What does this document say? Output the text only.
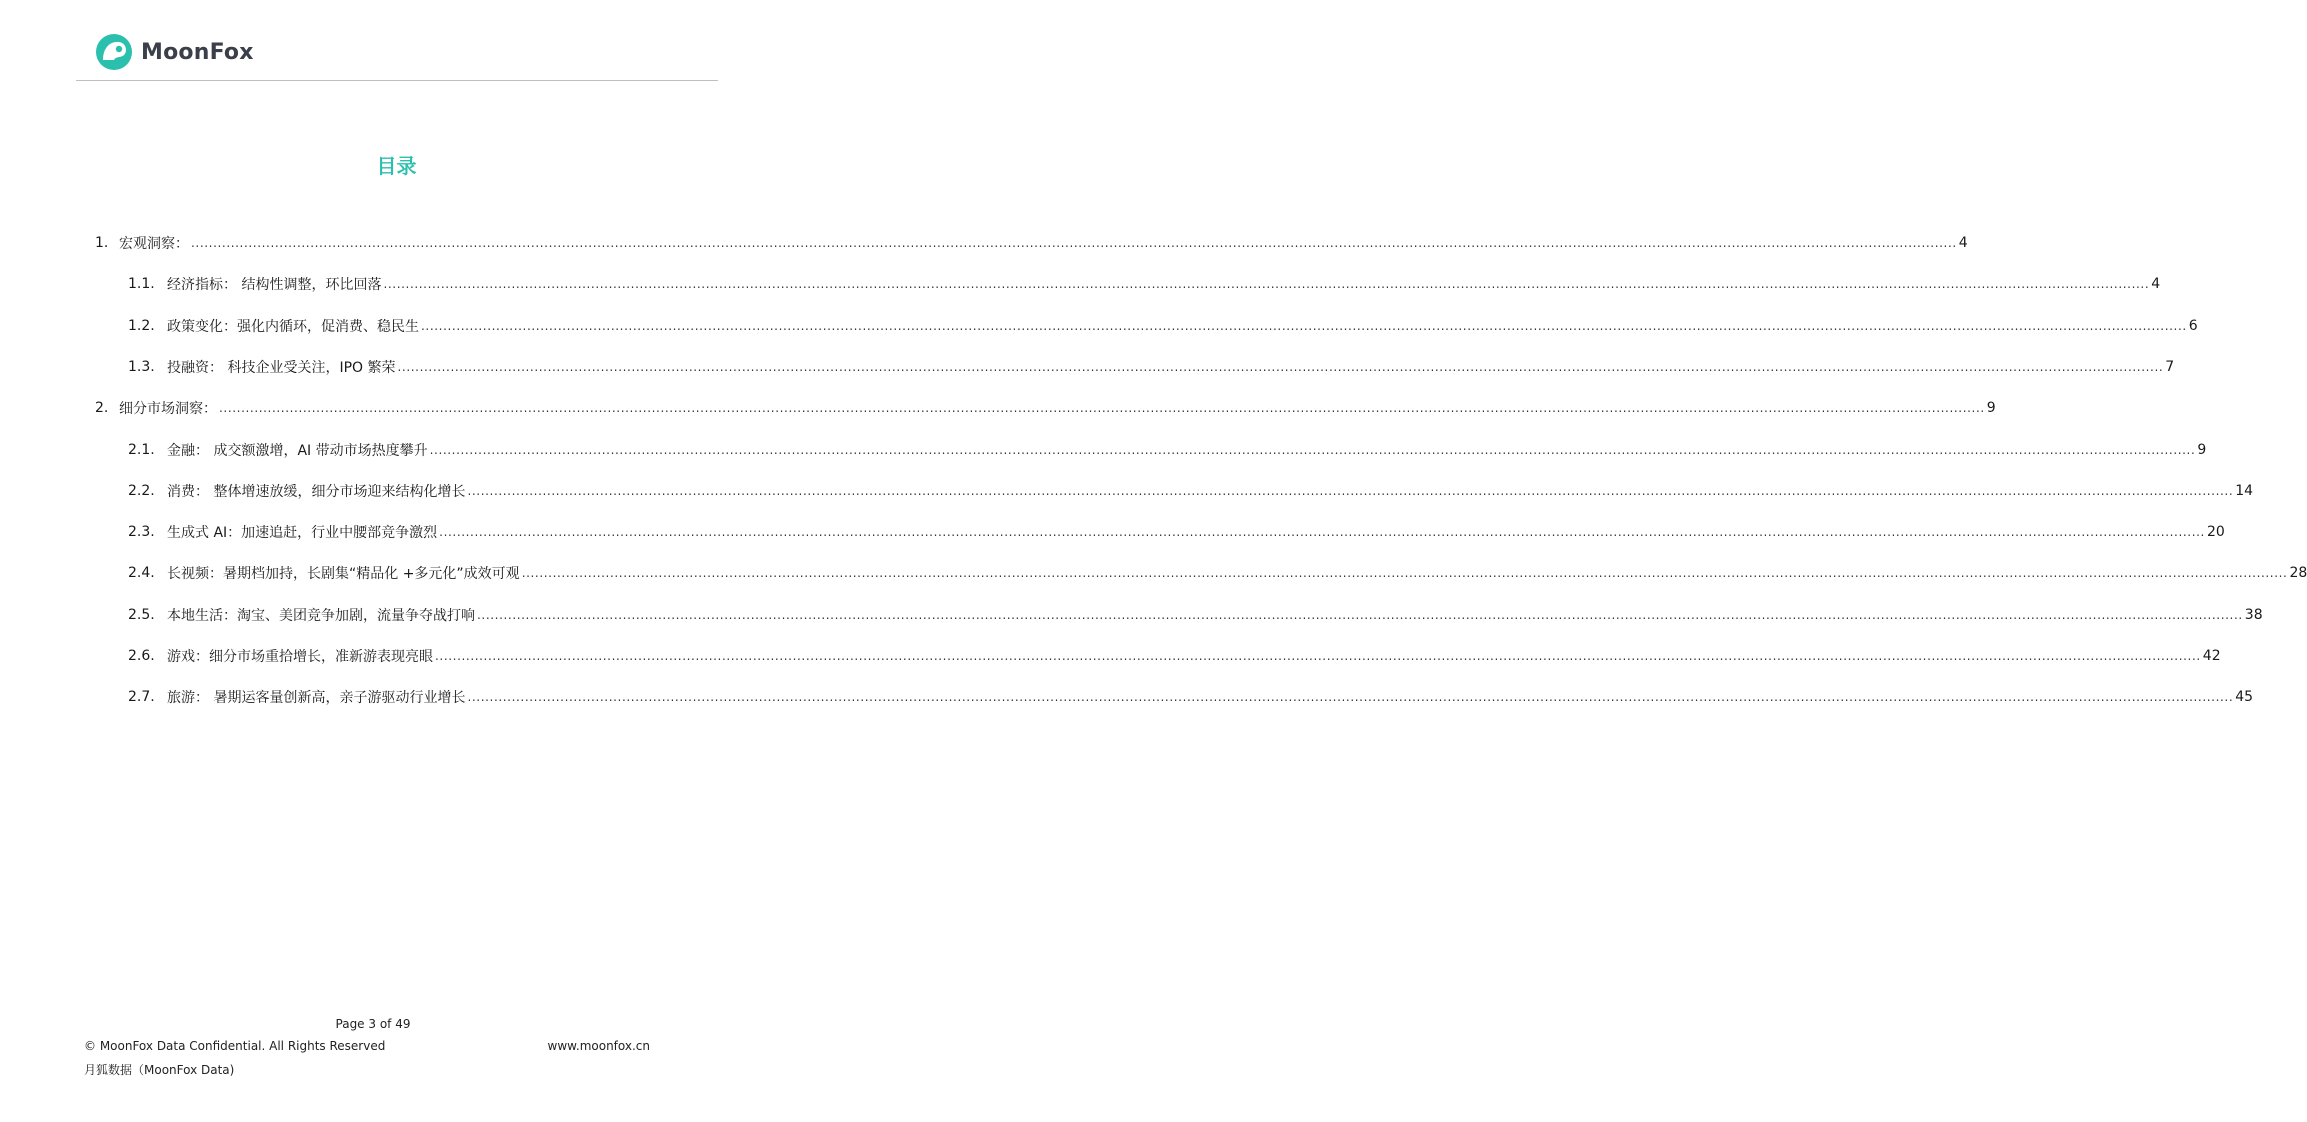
MoonFox
目录
1. 宏观洞察： ................................................................................................................................................................................................................................................................................................................................................................................................................ 4
1.1. 经济指标： 结构性调整，环比回落 ................................................................................................................................................................................................................................................................................................................................................................................................................ 4
1.2. 政策变化：强化内循环，促消费、稳民生 ................................................................................................................................................................................................................................................................................................................................................................................................................ 6
1.3. 投融资： 科技企业受关注，IPO 繁荣 ................................................................................................................................................................................................................................................................................................................................................................................................................ 7
2. 细分市场洞察： ................................................................................................................................................................................................................................................................................................................................................................................................................ 9
2.1. 金融： 成交额激增，AI 带动市场热度攀升 ................................................................................................................................................................................................................................................................................................................................................................................................................ 9
2.2. 消费： 整体增速放缓，细分市场迎来结构化增长 ................................................................................................................................................................................................................................................................................................................................................................................................................ 14
2.3. 生成式 AI：加速追赶，行业中腰部竞争激烈 ................................................................................................................................................................................................................................................................................................................................................................................................................ 20
2.4. 长视频：暑期档加持，长剧集“精品化 +多元化”成效可观 ................................................................................................................................................................................................................................................................................................................................................................................................................ 28
2.5. 本地生活：淘宝、美团竞争加剧，流量争夺战打响 ................................................................................................................................................................................................................................................................................................................................................................................................................ 38
2.6. 游戏：细分市场重拾增长，准新游表现亮眼 ................................................................................................................................................................................................................................................................................................................................................................................................................ 42
2.7. 旅游： 暑期运客量创新高，亲子游驱动行业增长 ................................................................................................................................................................................................................................................................................................................................................................................................................ 45
Page 3 of 49
© MoonFox Data Confidential. All Rights Reserved	www.moonfox.cn
月狐数据（MoonFox Data)
